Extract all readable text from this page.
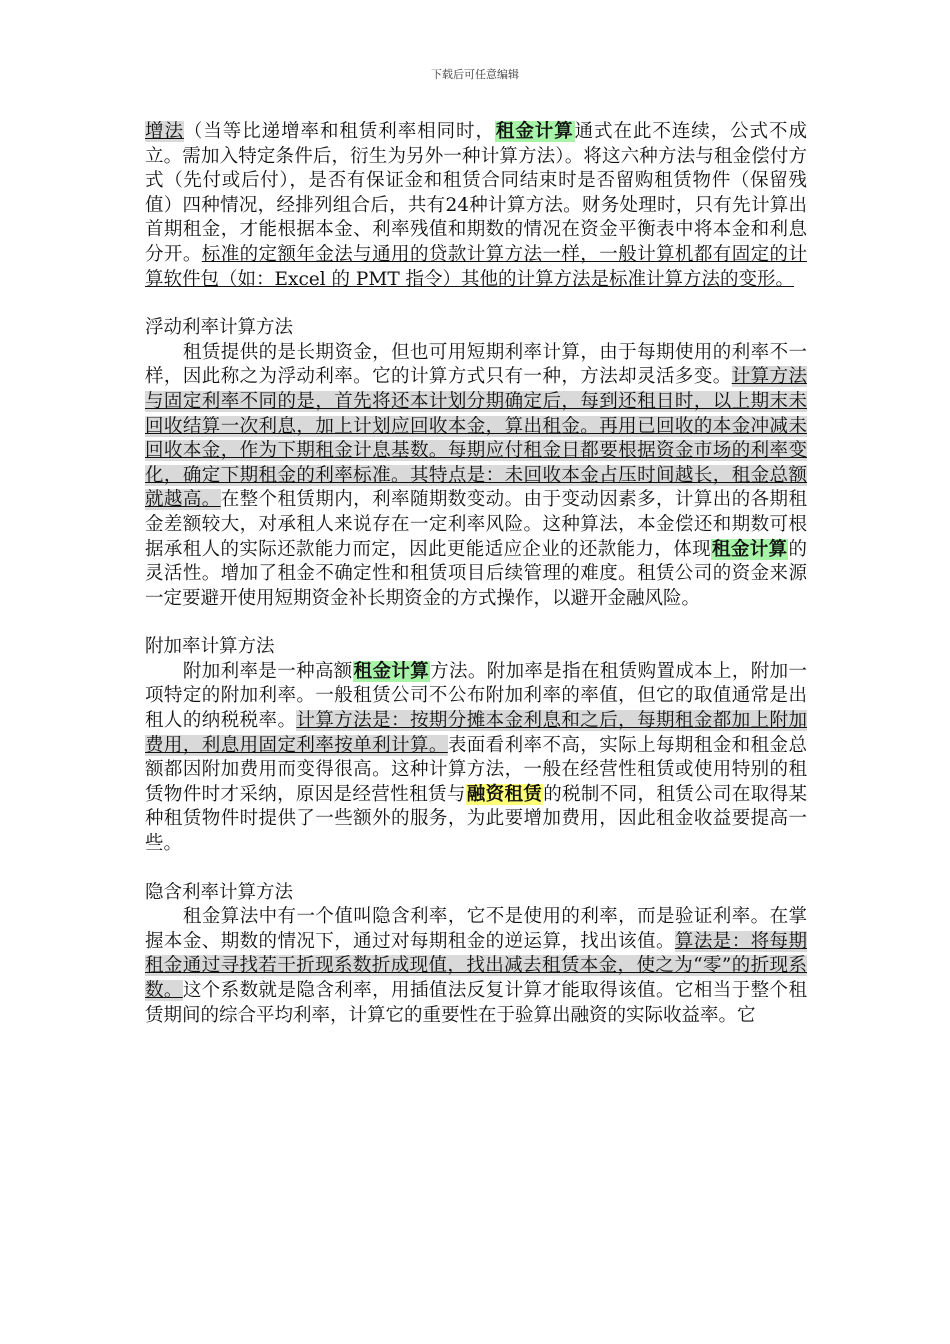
下载后可任意编辑

增法（当等比递增率和租赁利率相同时，租金计算通式在此不连续，公式不成立。需加入特定条件后，衍生为另外一种计算方法）。将这六种方法与租金偿付方式（先付或后付），是否有保证金和租赁合同结束时是否留购租赁物件（保留残值）四种情况，经排列组合后，共有24种计算方法。财务处理时，只有先计算出首期租金，才能根据本金、利率残值和期数的情况在资金平衡表中将本金和利息分开。标准的定额年金法与通用的贷款计算方法一样，一般计算机都有固定的计算软件包（如：Excel 的 PMT 指令）其他的计算方法是标准计算方法的变形。

浮动利率计算方法

租赁提供的是长期资金，但也可用短期利率计算，由于每期使用的利率不一样，因此称之为浮动利率。它的计算方式只有一种，方法却灵活多变。计算方法与固定利率不同的是，首先将还本计划分期确定后，每到还租日时，以上期末未回收结算一次利息，加上计划应回收本金，算出租金。再用已回收的本金冲减未回收本金，作为下期租金计息基数。每期应付租金日都要根据资金市场的利率变化，确定下期租金的利率标准。其特点是：未回收本金占压时间越长，租金总额就越高。在整个租赁期内，利率随期数变动。由于变动因素多，计算出的各期租金差额较大，对承租人来说存在一定利率风险。这种算法，本金偿还和期数可根据承租人的实际还款能力而定，因此更能适应企业的还款能力，体现租金计算的灵活性。增加了租金不确定性和租赁项目后续管理的难度。租赁公司的资金来源一定要避开使用短期资金补长期资金的方式操作，以避开金融风险。

附加率计算方法

附加利率是一种高额租金计算方法。附加率是指在租赁购置成本上，附加一项特定的附加利率。一般租赁公司不公布附加利率的率值，但它的取值通常是出租人的纳税税率。计算方法是：按期分摊本金利息和之后，每期租金都加上附加费用，利息用固定利率按单利计算。表面看利率不高，实际上每期租金和租金总额都因附加费用而变得很高。这种计算方法，一般在经营性租赁或使用特别的租赁物件时才采纳，原因是经营性租赁与融资租赁的税制不同，租赁公司在取得某种租赁物件时提供了一些额外的服务，为此要增加费用，因此租金收益要提高一些。

隐含利率计算方法

租金算法中有一个值叫隐含利率，它不是使用的利率，而是验证利率。在掌握本金、期数的情况下，通过对每期租金的逆运算，找出该值。算法是：将每期租金通过寻找若干折现系数折成现值，找出减去租赁本金，使之为“零”的折现系数。这个系数就是隐含利率，用插值法反复计算才能取得该值。它相当于整个租赁期间的综合平均利率，计算它的重要性在于验算出融资的实际收益率。它
